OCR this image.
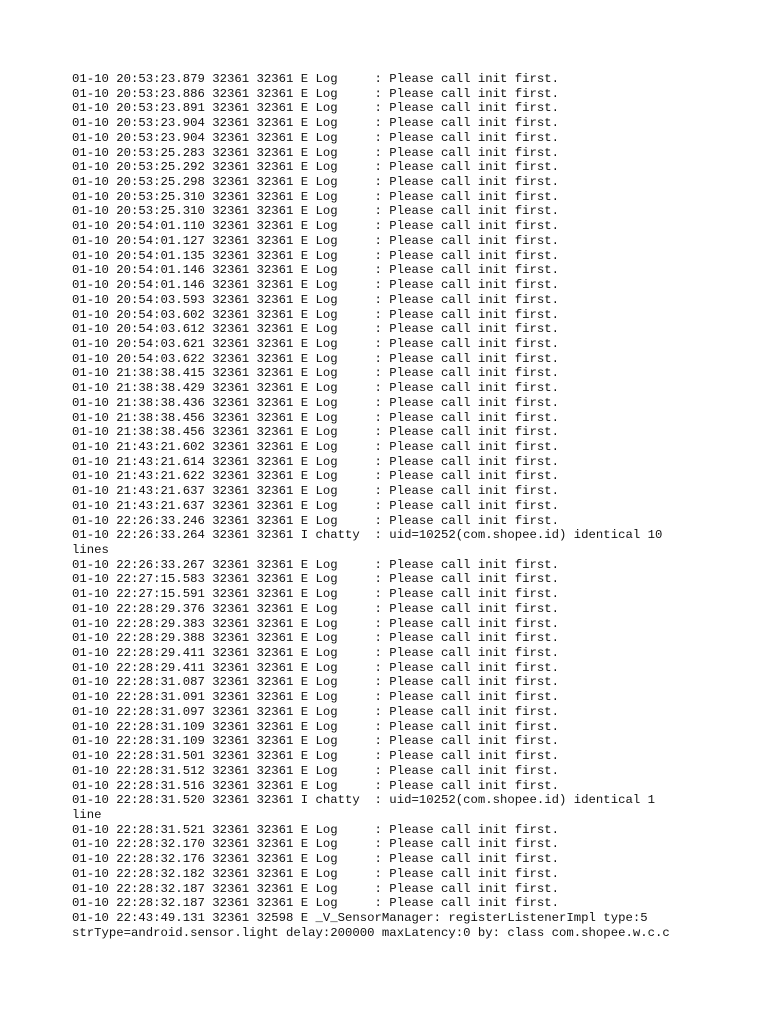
01-10 20:53:23.879 32361 32361 E Log     : Please call init first.
01-10 20:53:23.886 32361 32361 E Log     : Please call init first.
01-10 20:53:23.891 32361 32361 E Log     : Please call init first.
01-10 20:53:23.904 32361 32361 E Log     : Please call init first.
01-10 20:53:23.904 32361 32361 E Log     : Please call init first.
01-10 20:53:25.283 32361 32361 E Log     : Please call init first.
01-10 20:53:25.292 32361 32361 E Log     : Please call init first.
01-10 20:53:25.298 32361 32361 E Log     : Please call init first.
01-10 20:53:25.310 32361 32361 E Log     : Please call init first.
01-10 20:53:25.310 32361 32361 E Log     : Please call init first.
01-10 20:54:01.110 32361 32361 E Log     : Please call init first.
01-10 20:54:01.127 32361 32361 E Log     : Please call init first.
01-10 20:54:01.135 32361 32361 E Log     : Please call init first.
01-10 20:54:01.146 32361 32361 E Log     : Please call init first.
01-10 20:54:01.146 32361 32361 E Log     : Please call init first.
01-10 20:54:03.593 32361 32361 E Log     : Please call init first.
01-10 20:54:03.602 32361 32361 E Log     : Please call init first.
01-10 20:54:03.612 32361 32361 E Log     : Please call init first.
01-10 20:54:03.621 32361 32361 E Log     : Please call init first.
01-10 20:54:03.622 32361 32361 E Log     : Please call init first.
01-10 21:38:38.415 32361 32361 E Log     : Please call init first.
01-10 21:38:38.429 32361 32361 E Log     : Please call init first.
01-10 21:38:38.436 32361 32361 E Log     : Please call init first.
01-10 21:38:38.456 32361 32361 E Log     : Please call init first.
01-10 21:38:38.456 32361 32361 E Log     : Please call init first.
01-10 21:43:21.602 32361 32361 E Log     : Please call init first.
01-10 21:43:21.614 32361 32361 E Log     : Please call init first.
01-10 21:43:21.622 32361 32361 E Log     : Please call init first.
01-10 21:43:21.637 32361 32361 E Log     : Please call init first.
01-10 21:43:21.637 32361 32361 E Log     : Please call init first.
01-10 22:26:33.246 32361 32361 E Log     : Please call init first.
01-10 22:26:33.264 32361 32361 I chatty  : uid=10252(com.shopee.id) identical 10
lines
01-10 22:26:33.267 32361 32361 E Log     : Please call init first.
01-10 22:27:15.583 32361 32361 E Log     : Please call init first.
01-10 22:27:15.591 32361 32361 E Log     : Please call init first.
01-10 22:28:29.376 32361 32361 E Log     : Please call init first.
01-10 22:28:29.383 32361 32361 E Log     : Please call init first.
01-10 22:28:29.388 32361 32361 E Log     : Please call init first.
01-10 22:28:29.411 32361 32361 E Log     : Please call init first.
01-10 22:28:29.411 32361 32361 E Log     : Please call init first.
01-10 22:28:31.087 32361 32361 E Log     : Please call init first.
01-10 22:28:31.091 32361 32361 E Log     : Please call init first.
01-10 22:28:31.097 32361 32361 E Log     : Please call init first.
01-10 22:28:31.109 32361 32361 E Log     : Please call init first.
01-10 22:28:31.109 32361 32361 E Log     : Please call init first.
01-10 22:28:31.501 32361 32361 E Log     : Please call init first.
01-10 22:28:31.512 32361 32361 E Log     : Please call init first.
01-10 22:28:31.516 32361 32361 E Log     : Please call init first.
01-10 22:28:31.520 32361 32361 I chatty  : uid=10252(com.shopee.id) identical 1
line
01-10 22:28:31.521 32361 32361 E Log     : Please call init first.
01-10 22:28:32.170 32361 32361 E Log     : Please call init first.
01-10 22:28:32.176 32361 32361 E Log     : Please call init first.
01-10 22:28:32.182 32361 32361 E Log     : Please call init first.
01-10 22:28:32.187 32361 32361 E Log     : Please call init first.
01-10 22:28:32.187 32361 32361 E Log     : Please call init first.
01-10 22:43:49.131 32361 32598 E _V_SensorManager: registerListenerImpl type:5
strType=android.sensor.light delay:200000 maxLatency:0 by: class com.shopee.w.c.c
